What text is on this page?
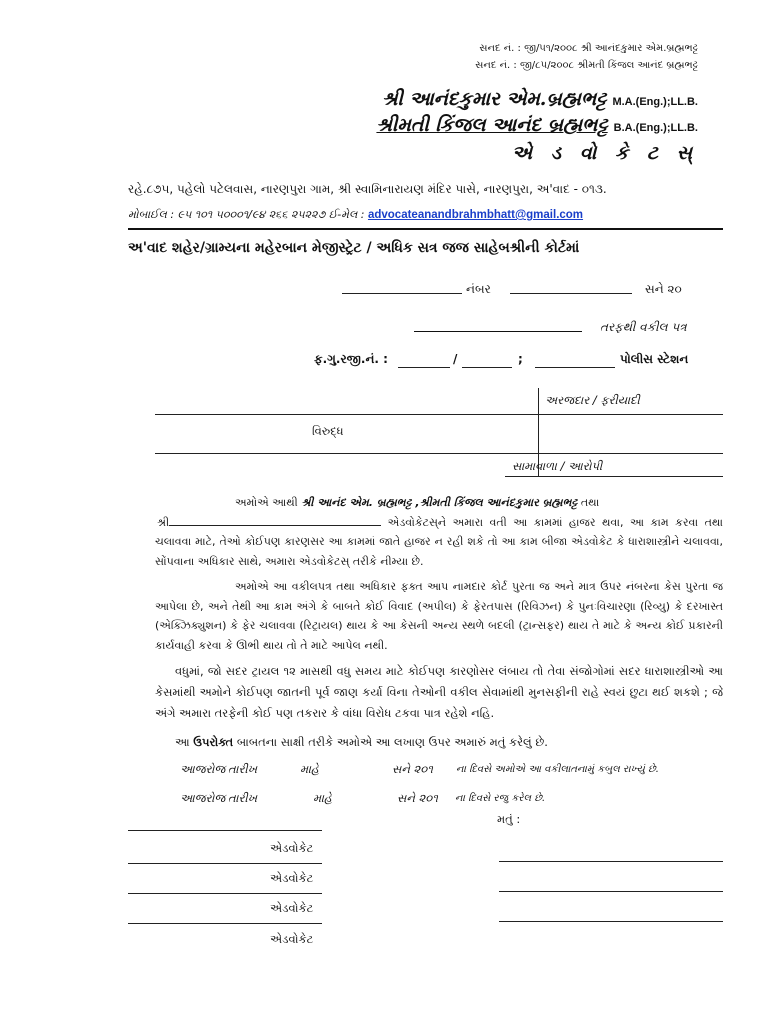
સનદ નં. : જી/૫૧/૨૦૦૮ શ્રી આનંદકુમાર એમ.બ્રહ્મભટ્ટ
સનદ નં. : જી/૮૫/૨૦૦૮ શ્રીમતી કિંજલ આનંદ બ્રહ્મભટ્ટ
શ્રી આનંદકુમાર એમ.બ્રહ્મભટ્ટ M.A.(Eng.);LL.B.
શ્રીમતી કિંજલ આનંદ બ્રહ્મભટ્ટ B.A.(Eng.);LL.B.
એ ડ વો કે ટ સ્
રહે.૮૭૫, પહેલો પટેલવાસ, નારણપુરા ગામ, શ્રી સ્વામિનારાયણ મંદિર પાસે, નારણપુરા, અ'વાદ - ૦૧૩.
મોબાઈલ : ૯૫ ૧૦૧ ૫૦૦૦૧/૯૪ ૨૬૬ ૨૫૨૨૭ ઈ-મેલ : advocateanandbrahmbhatt@gmail.com
અ'વાદ શહેર/ગ્રામ્યના મહેરબાન મેજીસ્ટ્રેટ / અધિક સત્ર જજ સાહેબશ્રીની કોર્ટમાં
નંબર	સને ૨૦
તરફથી વકીલ પત્ર
ફ.ગુ.રજી.નં. :	/	;	પોલીસ સ્ટેશન
અરજદાર / ફરીયાદી
વિરુદ્ધ
સામાવાળા / આરોપી

અમોએ આથી શ્રી આનંદ એમ. બ્રહ્મભટ્ટ ,શ્રીમતી કિંજલ આનંદકુમાર બ્રહ્મભટ્ટ તથા

શ્રી	એડવોકેટસ્‌ને અમારા વતી આ કામમાં હાજર થવા, આ કામ કરવા તથા ચલાવવા માટે, તેઓ કોઈપણ કારણસર આ કામમાં જાતે હાજર ન રહી શકે તો આ કામ બીજા એડવોકેટ કે ધારાશાસ્ત્રીને ચલાવવા, સોંપવાના અધિકાર સાથે, અમારા એડવોકેટસ્ તરીકે નીમ્યા છે.

અમોએ આ વકીલપત્ર તથા અધિકાર ફક્ત આપ નામદાર કોર્ટ પુરતા જ અને માત્ર ઉપર નંબરના કેસ પુરતા જ આપેલા છે, અને તેથી આ કામ અંગે કે બાબતે કોઈ વિવાદ (અપીલ) કે ફેરતપાસ (રિવિઝન) કે પુનઃવિચારણા (રિવ્યુ) કે દરખાસ્ત (એક્ઝિક્યુશન) કે ફેર ચલાવવા (રિટ્રાયલ) થાય કે આ કેસની અન્ય સ્થળે બદલી (ટ્રાન્સફર) થાય તે માટે કે અન્ય કોઈ પ્રકારની કાર્યવાહી કરવા કે ઊભી થાય તો તે માટે આપેલ નથી.

વધુમાં, જો સદર ટ્રાયલ ૧૨ માસથી વધુ સમય માટે કોઈપણ કારણોસર લંબાય તો તેવા સંજોગોમાં સદર ધારાશાસ્ત્રીઓ આ કેસમાંથી અમોને કોઈપણ જાતની પૂર્વ જાણ કર્યા વિના તેઓની વકીલ સેવામાંથી મુનસફીની રાહે સ્વયં છુટા થઈ શકશે ; જે અંગે અમારા તરફેની કોઈ પણ તકરાર કે વાંધા વિરોધ ટકવા પાત્ર રહેશે નહિ.

આ ઉપરોક્ત બાબતના સાક્ષી તરીકે અમોએ આ લખાણ ઉપર અમારું મતું કરેલું છે.
આજરોજ તારીખ	માહે	સને ૨૦૧ ના દિવસે અમોએ આ વકીલાતનામું કબુલ રાખ્યું છે.
આજરોજ તારીખ	માહે	સને ૨૦૧ ના દિવસે રજુ કરેલ છે.
મતું :
એડવોકેટ
એડવોકેટ
એડવોકેટ
એડવોકેટ
